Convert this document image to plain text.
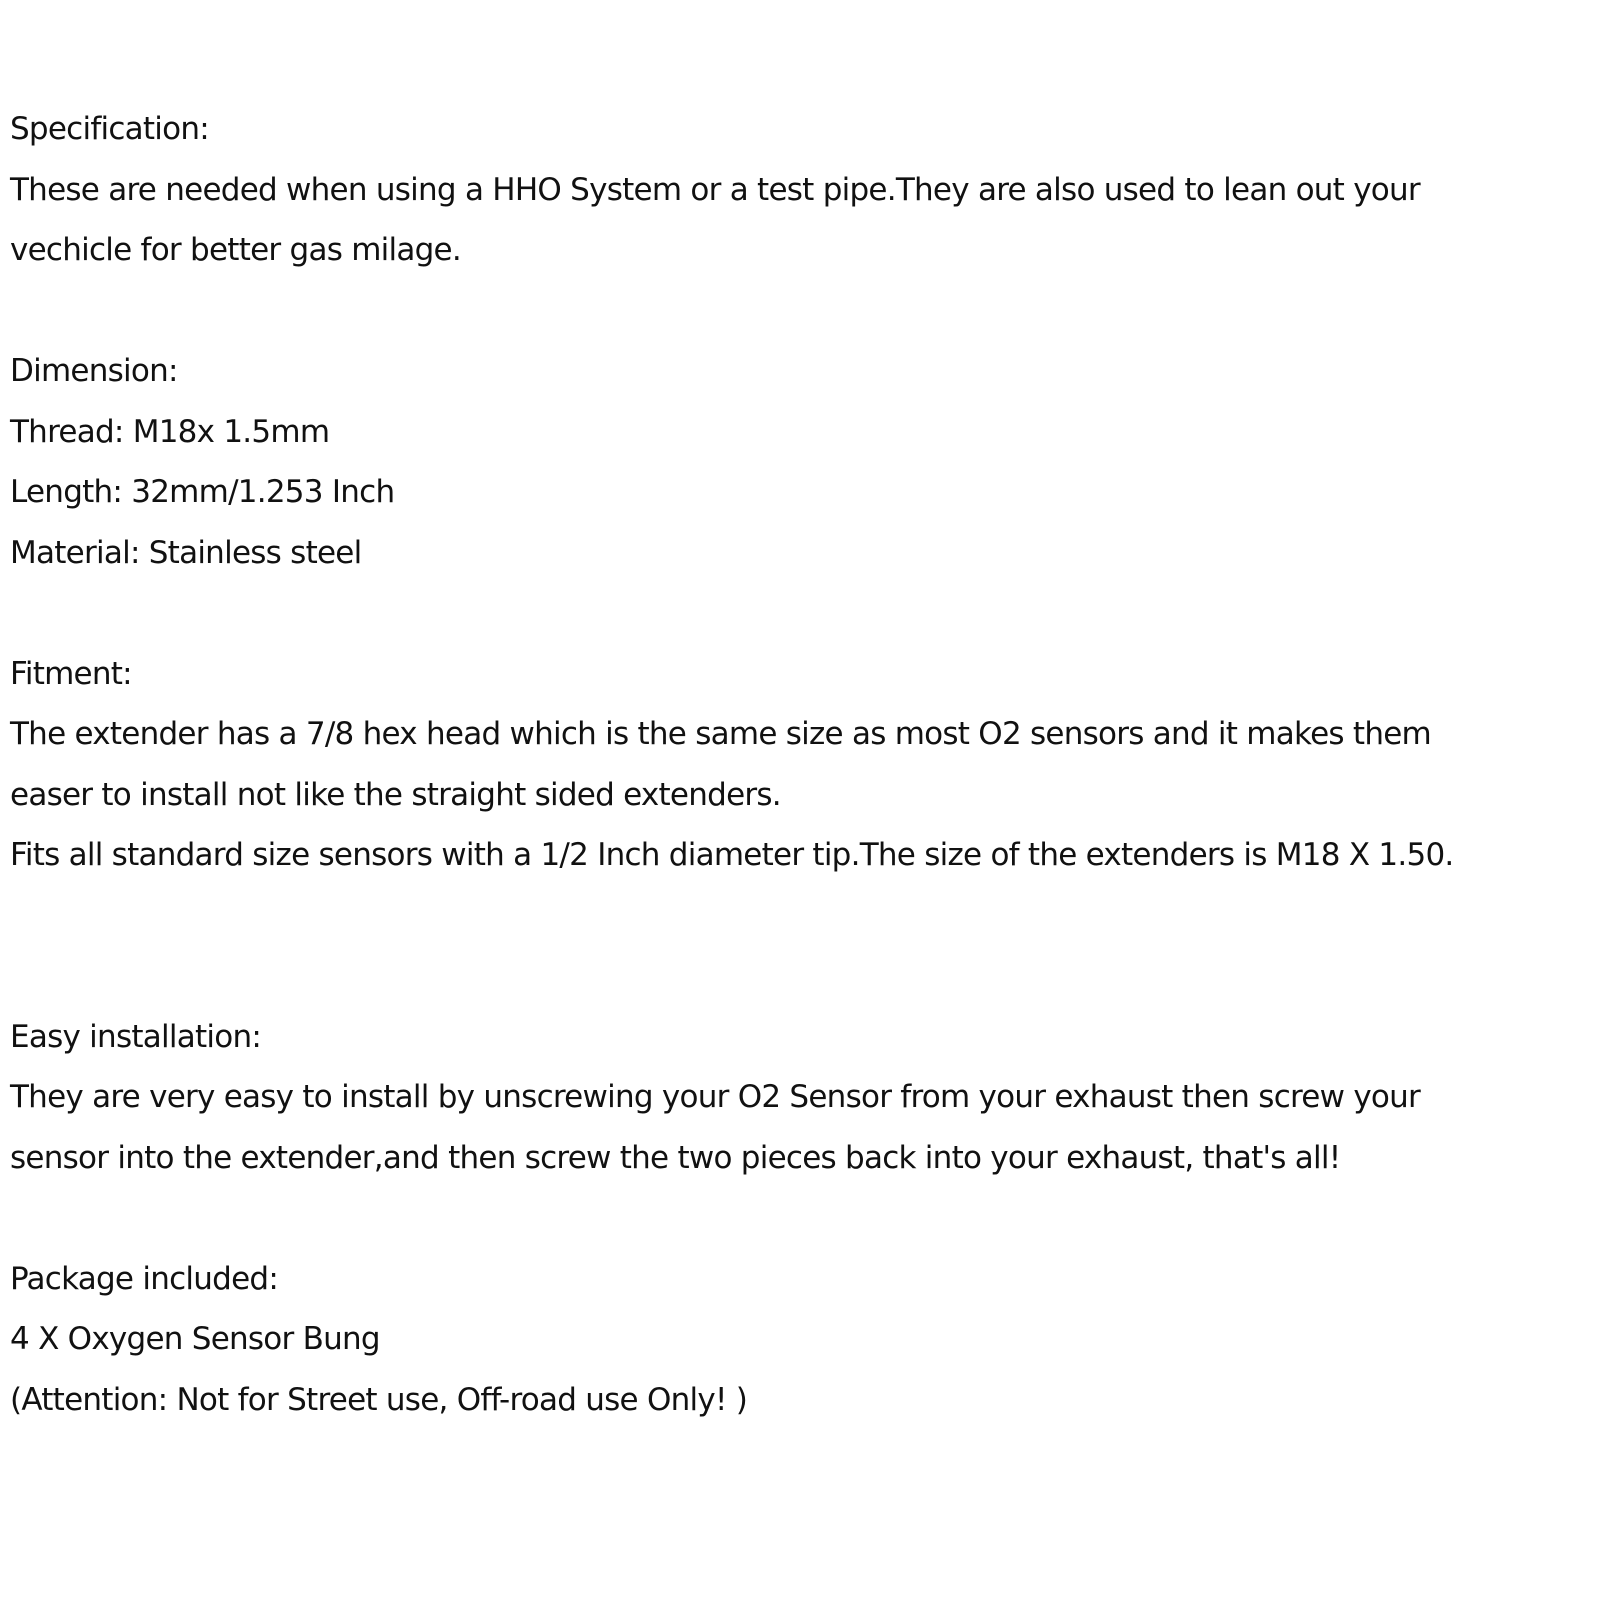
Specification:
These are needed when using a HHO System or a test pipe.They are also used to lean out your
vechicle for better gas milage.
Dimension:
Thread: M18x 1.5mm
Length: 32mm/1.253 Inch
Material: Stainless steel
Fitment:
The extender has a 7/8 hex head which is the same size as most O2 sensors and it makes them
easer to install not like the straight sided extenders.
Fits all standard size sensors with a 1/2 Inch diameter tip.The size of the extenders is M18 X 1.50.
Easy installation:
They are very easy to install by unscrewing your O2 Sensor from your exhaust then screw your
sensor into the extender,and then screw the two pieces back into your exhaust, that's all!
Package included:
4 X Oxygen Sensor Bung
(Attention: Not for Street use, Off-road use Only! )
